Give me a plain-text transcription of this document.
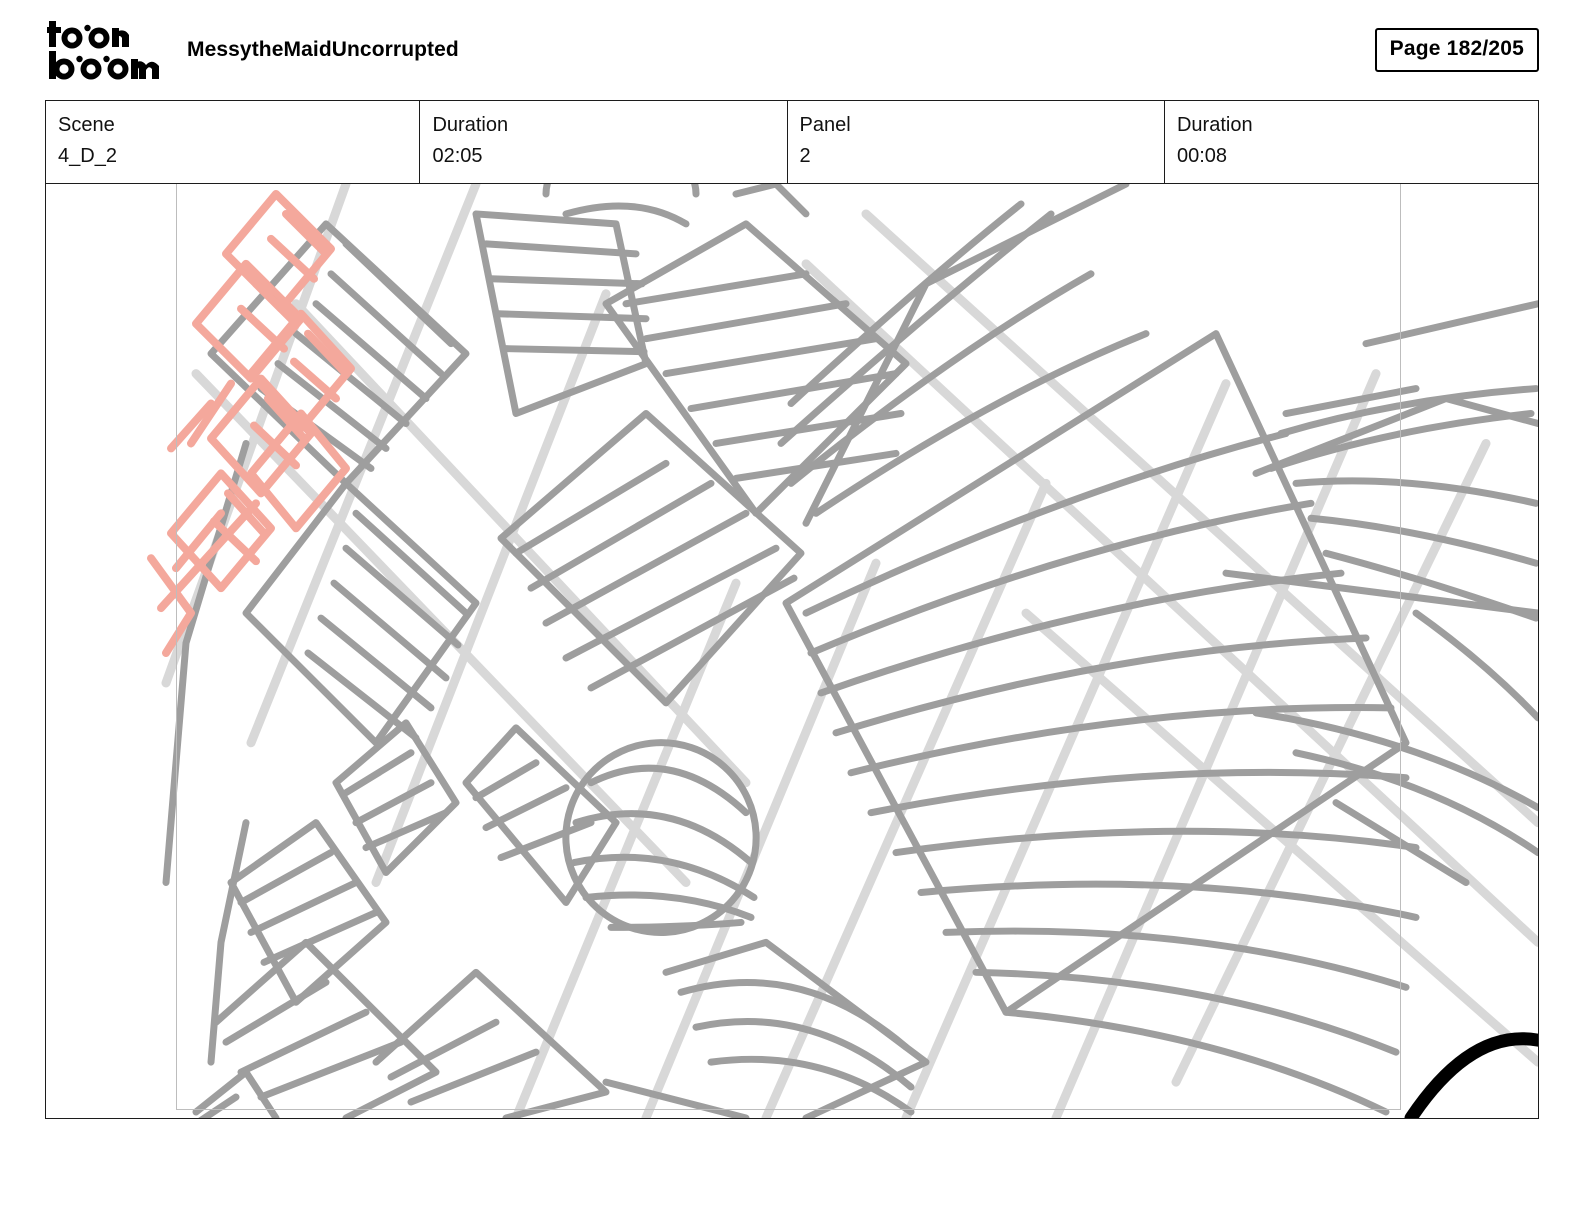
MessytheMaidUncorrupted	Page 182/205
Scene
4_D_2
Duration
02:05
Panel
2
Duration
00:08
